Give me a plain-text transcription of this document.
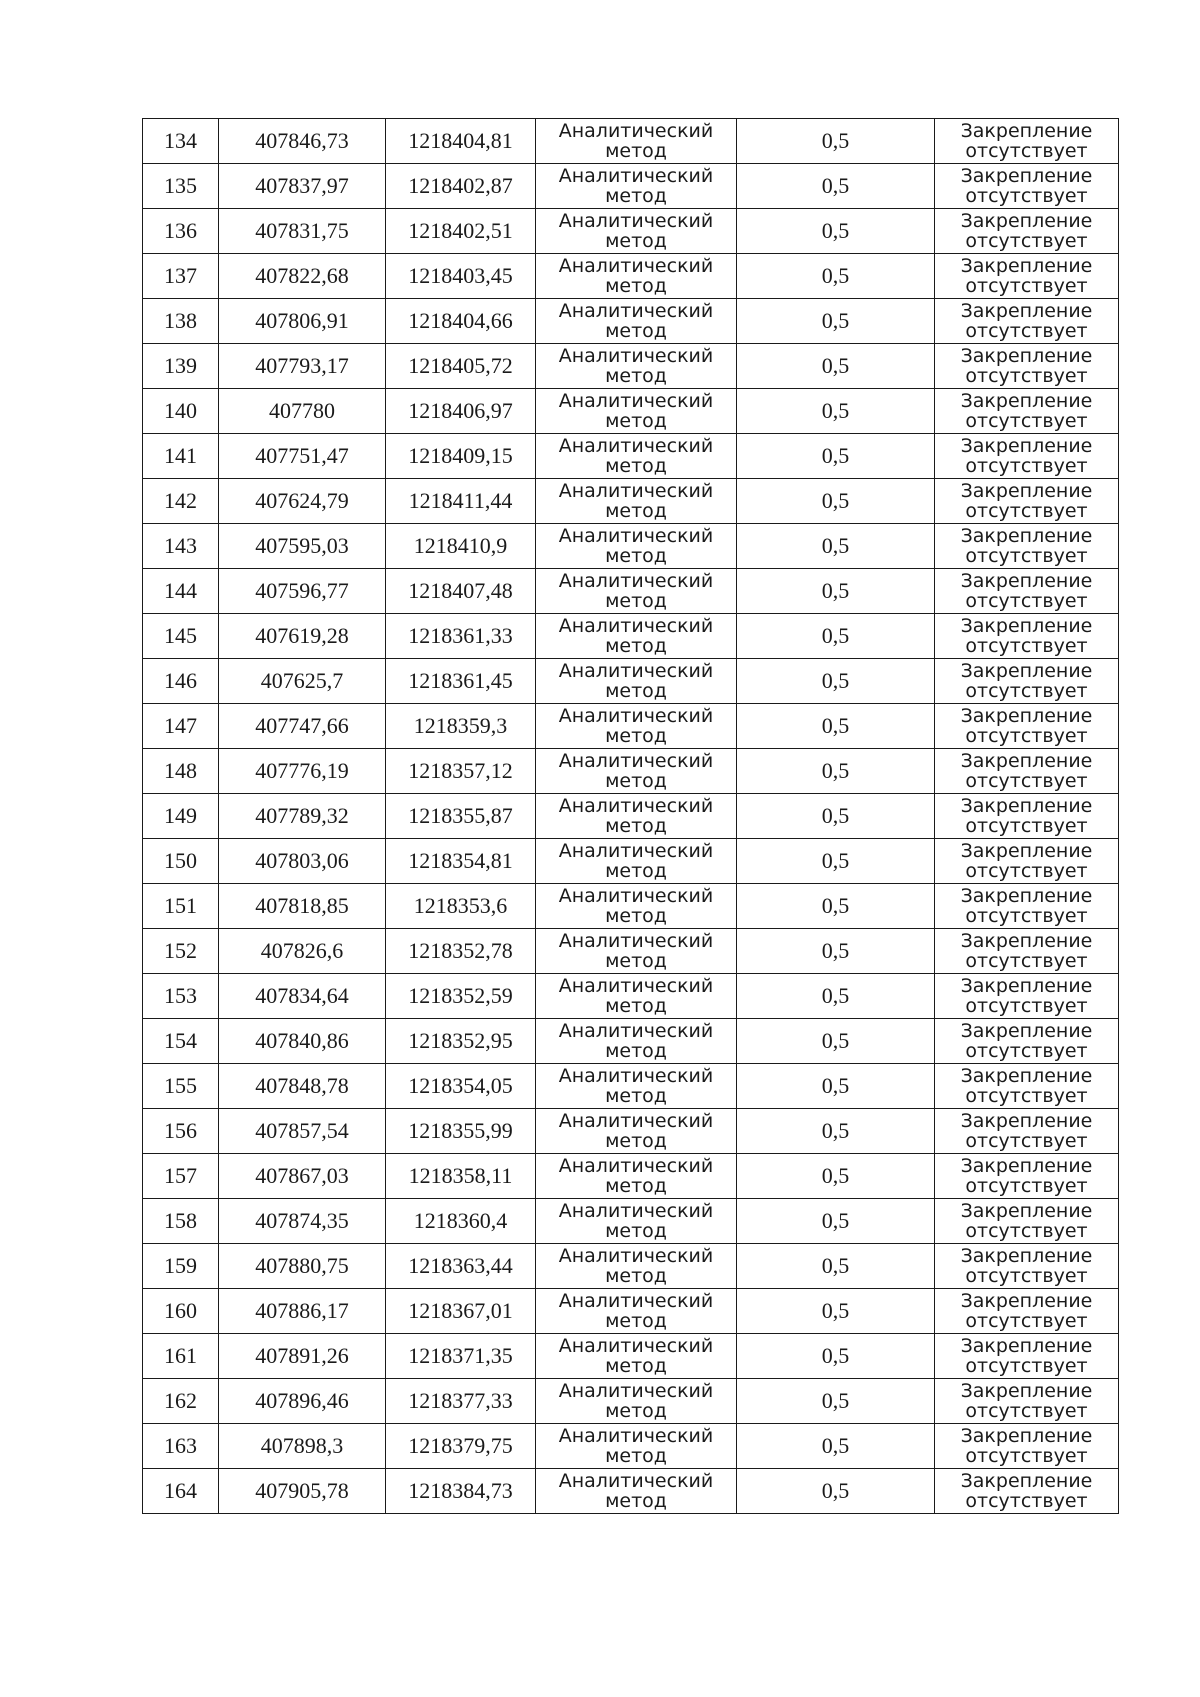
134	407846,73	1218404,81	Аналитический
метод	0,5	Закрепление
отсутствует

135	407837,97	1218402,87	Аналитический
метод	0,5	Закрепление
отсутствует

136	407831,75	1218402,51	Аналитический
метод	0,5	Закрепление
отсутствует

137	407822,68	1218403,45	Аналитический
метод	0,5	Закрепление
отсутствует

138	407806,91	1218404,66	Аналитический
метод	0,5	Закрепление
отсутствует

139	407793,17	1218405,72	Аналитический
метод	0,5	Закрепление
отсутствует

140	407780	1218406,97	Аналитический
метод	0,5	Закрепление
отсутствует

141	407751,47	1218409,15	Аналитический
метод	0,5	Закрепление
отсутствует

142	407624,79	1218411,44	Аналитический
метод	0,5	Закрепление
отсутствует

143	407595,03	1218410,9	Аналитический
метод	0,5	Закрепление
отсутствует

144	407596,77	1218407,48	Аналитический
метод	0,5	Закрепление
отсутствует

145	407619,28	1218361,33	Аналитический
метод	0,5	Закрепление
отсутствует

146	407625,7	1218361,45	Аналитический
метод	0,5	Закрепление
отсутствует

147	407747,66	1218359,3	Аналитический
метод	0,5	Закрепление
отсутствует

148	407776,19	1218357,12	Аналитический
метод	0,5	Закрепление
отсутствует

149	407789,32	1218355,87	Аналитический
метод	0,5	Закрепление
отсутствует

150	407803,06	1218354,81	Аналитический
метод	0,5	Закрепление
отсутствует

151	407818,85	1218353,6	Аналитический
метод	0,5	Закрепление
отсутствует

152	407826,6	1218352,78	Аналитический
метод	0,5	Закрепление
отсутствует

153	407834,64	1218352,59	Аналитический
метод	0,5	Закрепление
отсутствует

154	407840,86	1218352,95	Аналитический
метод	0,5	Закрепление
отсутствует

155	407848,78	1218354,05	Аналитический
метод	0,5	Закрепление
отсутствует

156	407857,54	1218355,99	Аналитический
метод	0,5	Закрепление
отсутствует

157	407867,03	1218358,11	Аналитический
метод	0,5	Закрепление
отсутствует

158	407874,35	1218360,4	Аналитический
метод	0,5	Закрепление
отсутствует

159	407880,75	1218363,44	Аналитический
метод	0,5	Закрепление
отсутствует

160	407886,17	1218367,01	Аналитический
метод	0,5	Закрепление
отсутствует

161	407891,26	1218371,35	Аналитический
метод	0,5	Закрепление
отсутствует

162	407896,46	1218377,33	Аналитический
метод	0,5	Закрепление
отсутствует

163	407898,3	1218379,75	Аналитический
метод	0,5	Закрепление
отсутствует

164	407905,78	1218384,73	Аналитический
метод	0,5	Закрепление
отсутствует
